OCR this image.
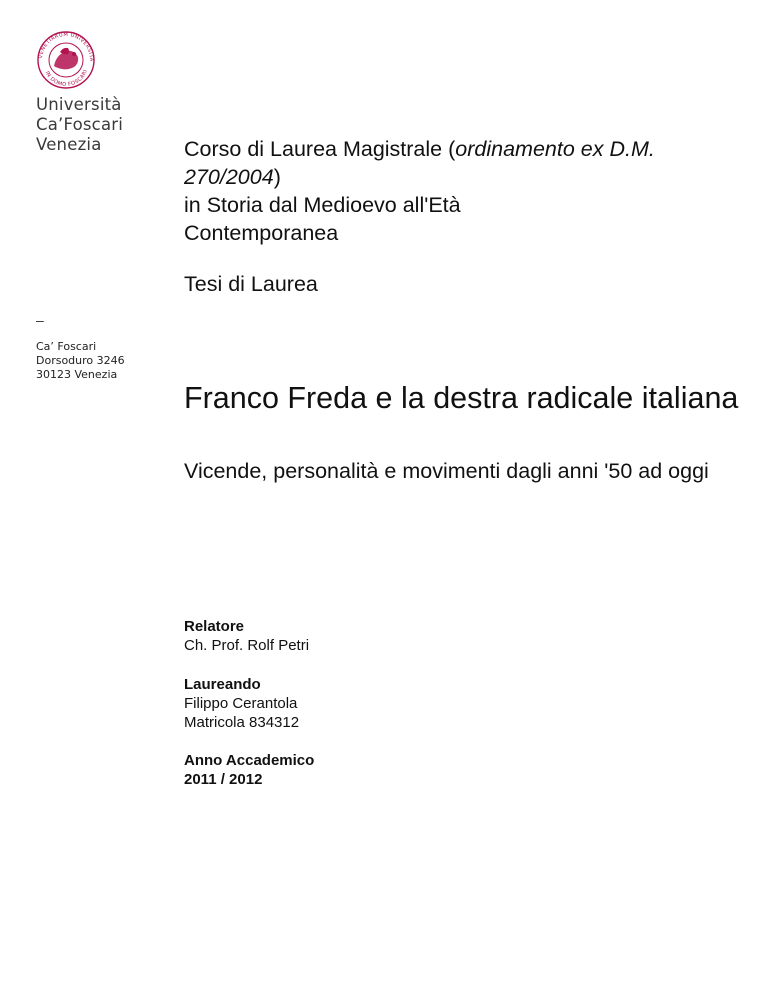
VENETIARUM UNIVERSITA
IN DOMO FOSCARI
Università
Ca’Foscari
Venezia
–
Ca’ Foscari
Dorsoduro 3246
30123 Venezia
Corso di Laurea Magistrale (ordinamento ex D.M. 270/2004)
in Storia dal Medioevo all'Età
Contemporanea
Tesi di Laurea
Franco Freda e la destra radicale italiana
Vicende, personalità e movimenti dagli anni '50 ad oggi
Relatore
Ch. Prof. Rolf Petri
Laureando
Filippo Cerantola
Matricola 834312
Anno Accademico
2011 / 2012
